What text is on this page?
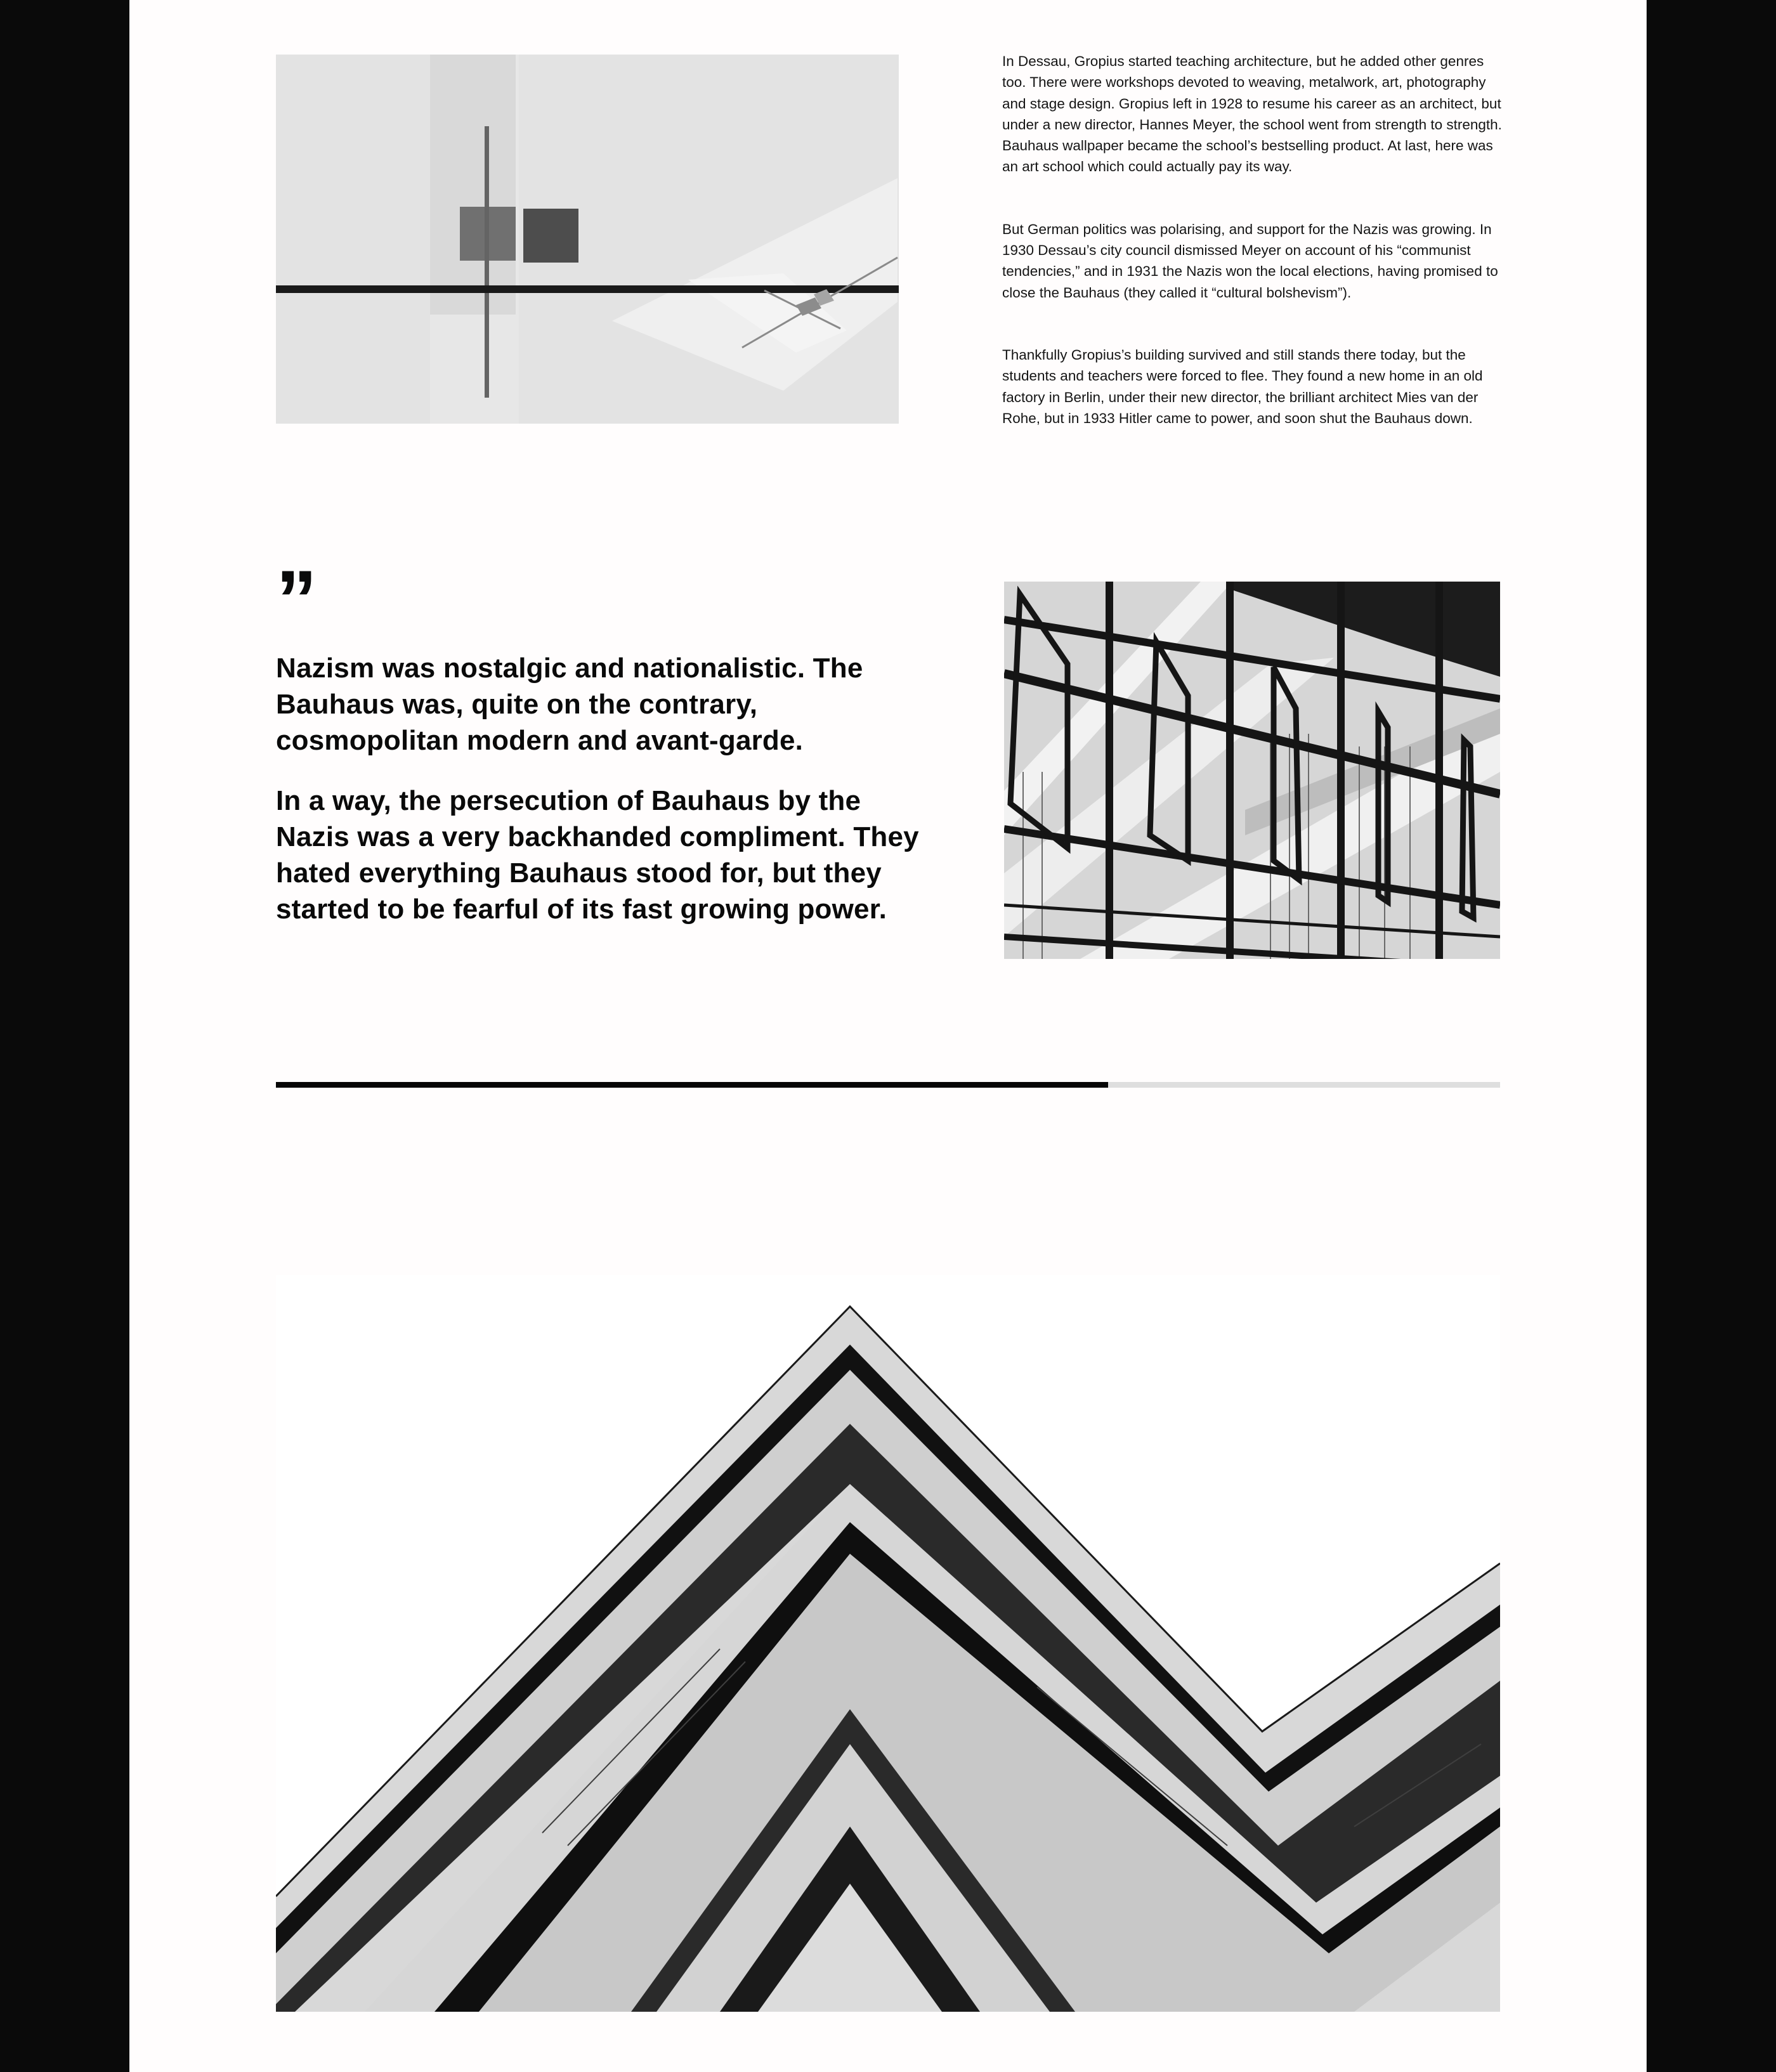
In Dessau, Gropius started teaching architecture, but he added other genres too. There were workshops devoted to weaving, metalwork, art, photography and stage design. Gropius left in 1928 to resume his career as an architect, but under a new director, Hannes Meyer, the school went from strength to strength. Bauhaus wallpaper became the school’s bestselling product. At last, here was an art school which could actually pay its way.

But German politics was polarising, and support for the Nazis was growing. In 1930 Dessau’s city council dismissed Meyer on account of his “communist tendencies,” and in 1931 the Nazis won the local elections, having promised to close the Bauhaus (they called it “cultural bolshevism”).

Thankfully Gropius’s building survived and still stands there today, but the students and teachers were forced to flee. They found a new home in an old factory in Berlin, under their new director, the brilliant architect Mies van der Rohe, but in 1933 Hitler came to power, and soon shut the Bauhaus down.

”

Nazism was nostalgic and nationalistic. The Bauhaus was, quite on the contrary, cosmopolitan modern and avant-garde.

In a way, the persecution of Bauhaus by the Nazis was a very backhanded compliment. They hated everything Bauhaus stood for, but they started to be fearful of its fast growing power.
